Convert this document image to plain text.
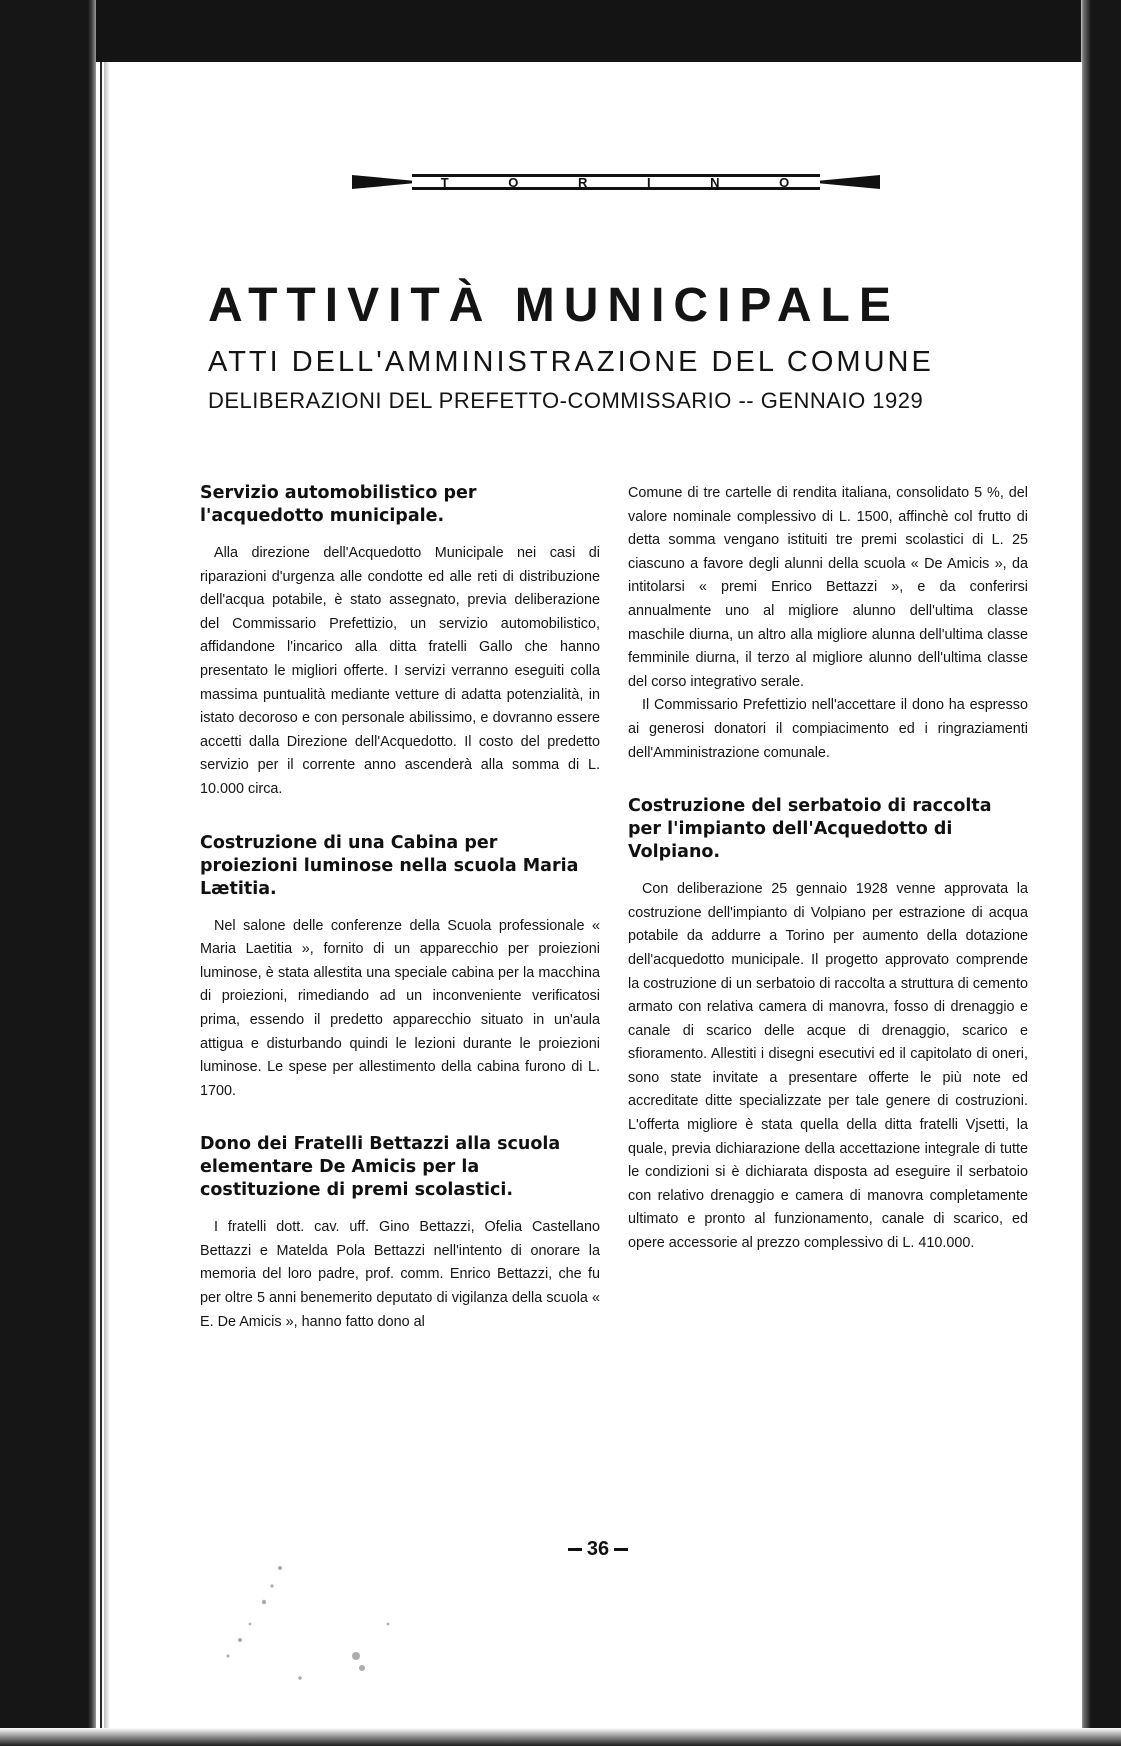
T	O	R	I	N	O
ATTIVITÀ MUNICIPALE
ATTI DELL'AMMINISTRAZIONE DEL COMUNE
DELIBERAZIONI DEL PREFETTO-COMMISSARIO -- GENNAIO 1929
Servizio automobilistico per l'acquedotto municipale.

Alla direzione dell'Acquedotto Municipale nei casi di riparazioni d'urgenza alle condotte ed alle reti di distribuzione dell'acqua potabile, è stato assegnato, previa deliberazione del Commissario Prefettizio, un servizio automobilistico, affidandone l'incarico alla ditta fratelli Gallo che hanno presentato le migliori offerte. I servizi verranno eseguiti colla massima puntualità mediante vetture di adatta potenzialità, in istato decoroso e con personale abilissimo, e dovranno essere accetti dalla Direzione dell'Acquedotto. Il costo del predetto servizio per il corrente anno ascenderà alla somma di L. 10.000 circa.

Costruzione di una Cabina per proiezioni luminose nella scuola Maria Lætitia.

Nel salone delle conferenze della Scuola professionale « Maria Laetitia », fornito di un apparecchio per proiezioni luminose, è stata allestita una speciale cabina per la macchina di proiezioni, rimediando ad un inconveniente verificatosi prima, essendo il predetto apparecchio situato in un'aula attigua e disturbando quindi le lezioni durante le proiezioni luminose. Le spese per allestimento della cabina furono di L. 1700.

Dono dei Fratelli Bettazzi alla scuola elementare De Amicis per la costituzione di premi scolastici.

I fratelli dott. cav. uff. Gino Bettazzi, Ofelia Castellano Bettazzi e Matelda Pola Bettazzi nell'intento di onorare la memoria del loro padre, prof. comm. Enrico Bettazzi, che fu per oltre 5 anni benemerito deputato di vigilanza della scuola « E. De Amicis », hanno fatto dono al

Comune di tre cartelle di rendita italiana, consolidato 5 %, del valore nominale complessivo di L. 1500, affinchè col frutto di detta somma vengano istituiti tre premi scolastici di L. 25 ciascuno a favore degli alunni della scuola « De Amicis », da intitolarsi « premi Enrico Bettazzi », e da conferirsi annualmente uno al migliore alunno dell'ultima classe maschile diurna, un altro alla migliore alunna dell'ultima classe femminile diurna, il terzo al migliore alunno dell'ultima classe del corso integrativo serale.

Il Commissario Prefettizio nell'accettare il dono ha espresso ai generosi donatori il compiacimento ed i ringraziamenti dell'Amministrazione comunale.

Costruzione del serbatoio di raccolta per l'impianto dell'Acquedotto di Volpiano.

Con deliberazione 25 gennaio 1928 venne approvata la costruzione dell'impianto di Volpiano per estrazione di acqua potabile da addurre a Torino per aumento della dotazione dell'acquedotto municipale. Il progetto approvato comprende la costruzione di un serbatoio di raccolta a struttura di cemento armato con relativa camera di manovra, fosso di drenaggio e canale di scarico delle acque di drenaggio, scarico e sfioramento. Allestiti i disegni esecutivi ed il capitolato di oneri, sono state invitate a presentare offerte le più note ed accreditate ditte specializzate per tale genere di costruzioni. L'offerta migliore è stata quella della ditta fratelli Vjsetti, la quale, previa dichiarazione della accettazione integrale di tutte le condizioni si è dichiarata disposta ad eseguire il serbatoio con relativo drenaggio e camera di manovra completamente ultimato e pronto al funzionamento, canale di scarico, ed opere accessorie al prezzo complessivo di L. 410.000.

36
